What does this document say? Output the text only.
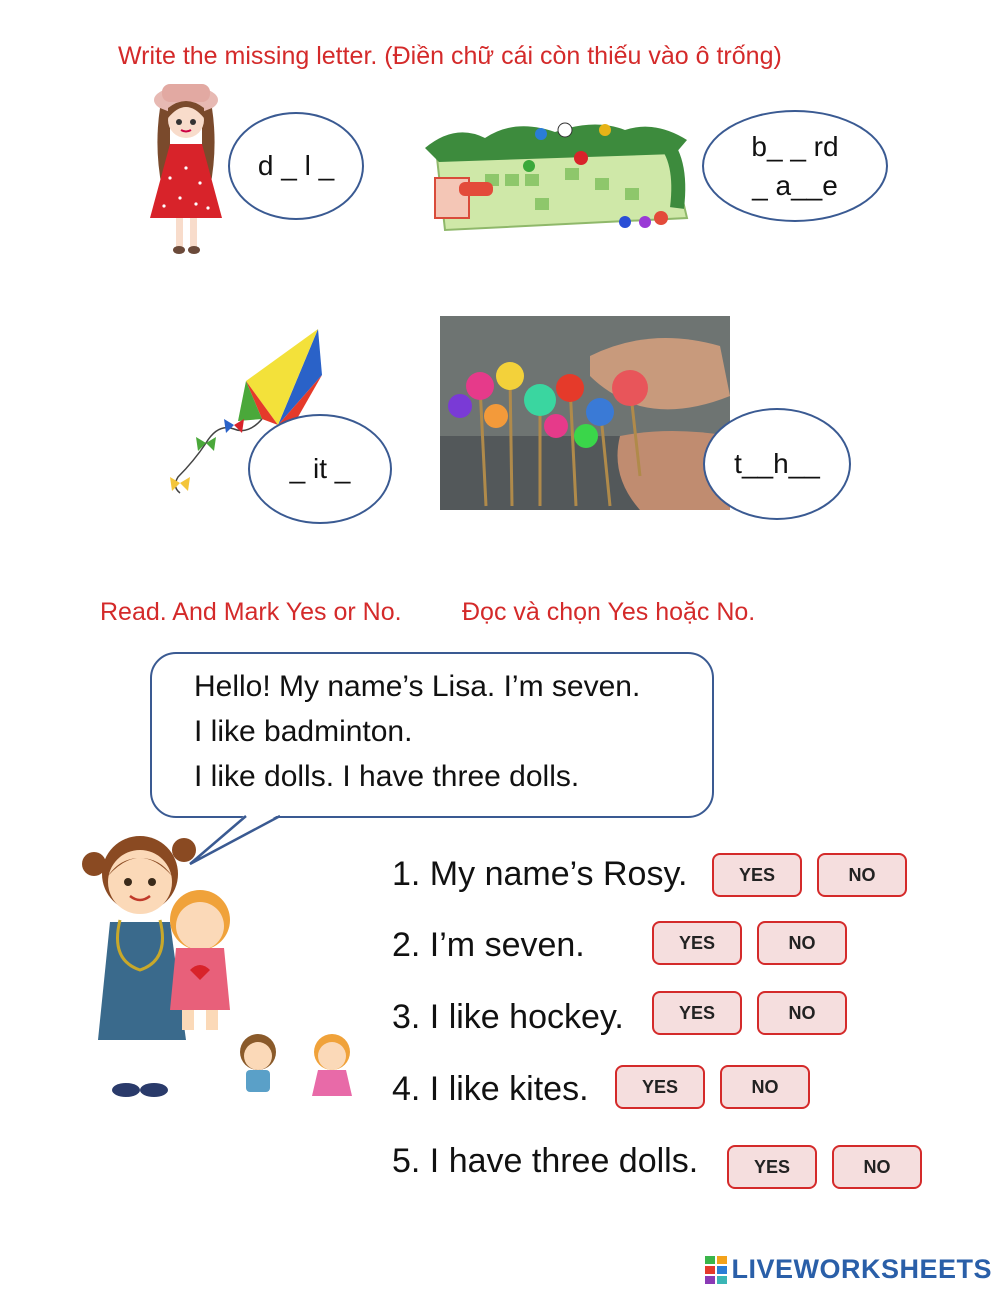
Write the missing letter. (Điền chữ cái còn thiếu vào ô trống)
d _ l _
b_ _ rd
_ a__e
_ it _	t__h__
Read. And Mark Yes or No. Đọc và chọn Yes hoặc No.
Hello! My name’s Lisa. I’m seven.
I like badminton.
I like dolls. I have three dolls.
1. My name’s Rosy.	YES	NO
2. I’m seven.	YES	NO
3. I like hockey.	YES	NO
4. I like kites.	YES	NO
5. I have three dolls.	YES	NO
LIVEWORKSHEETS
